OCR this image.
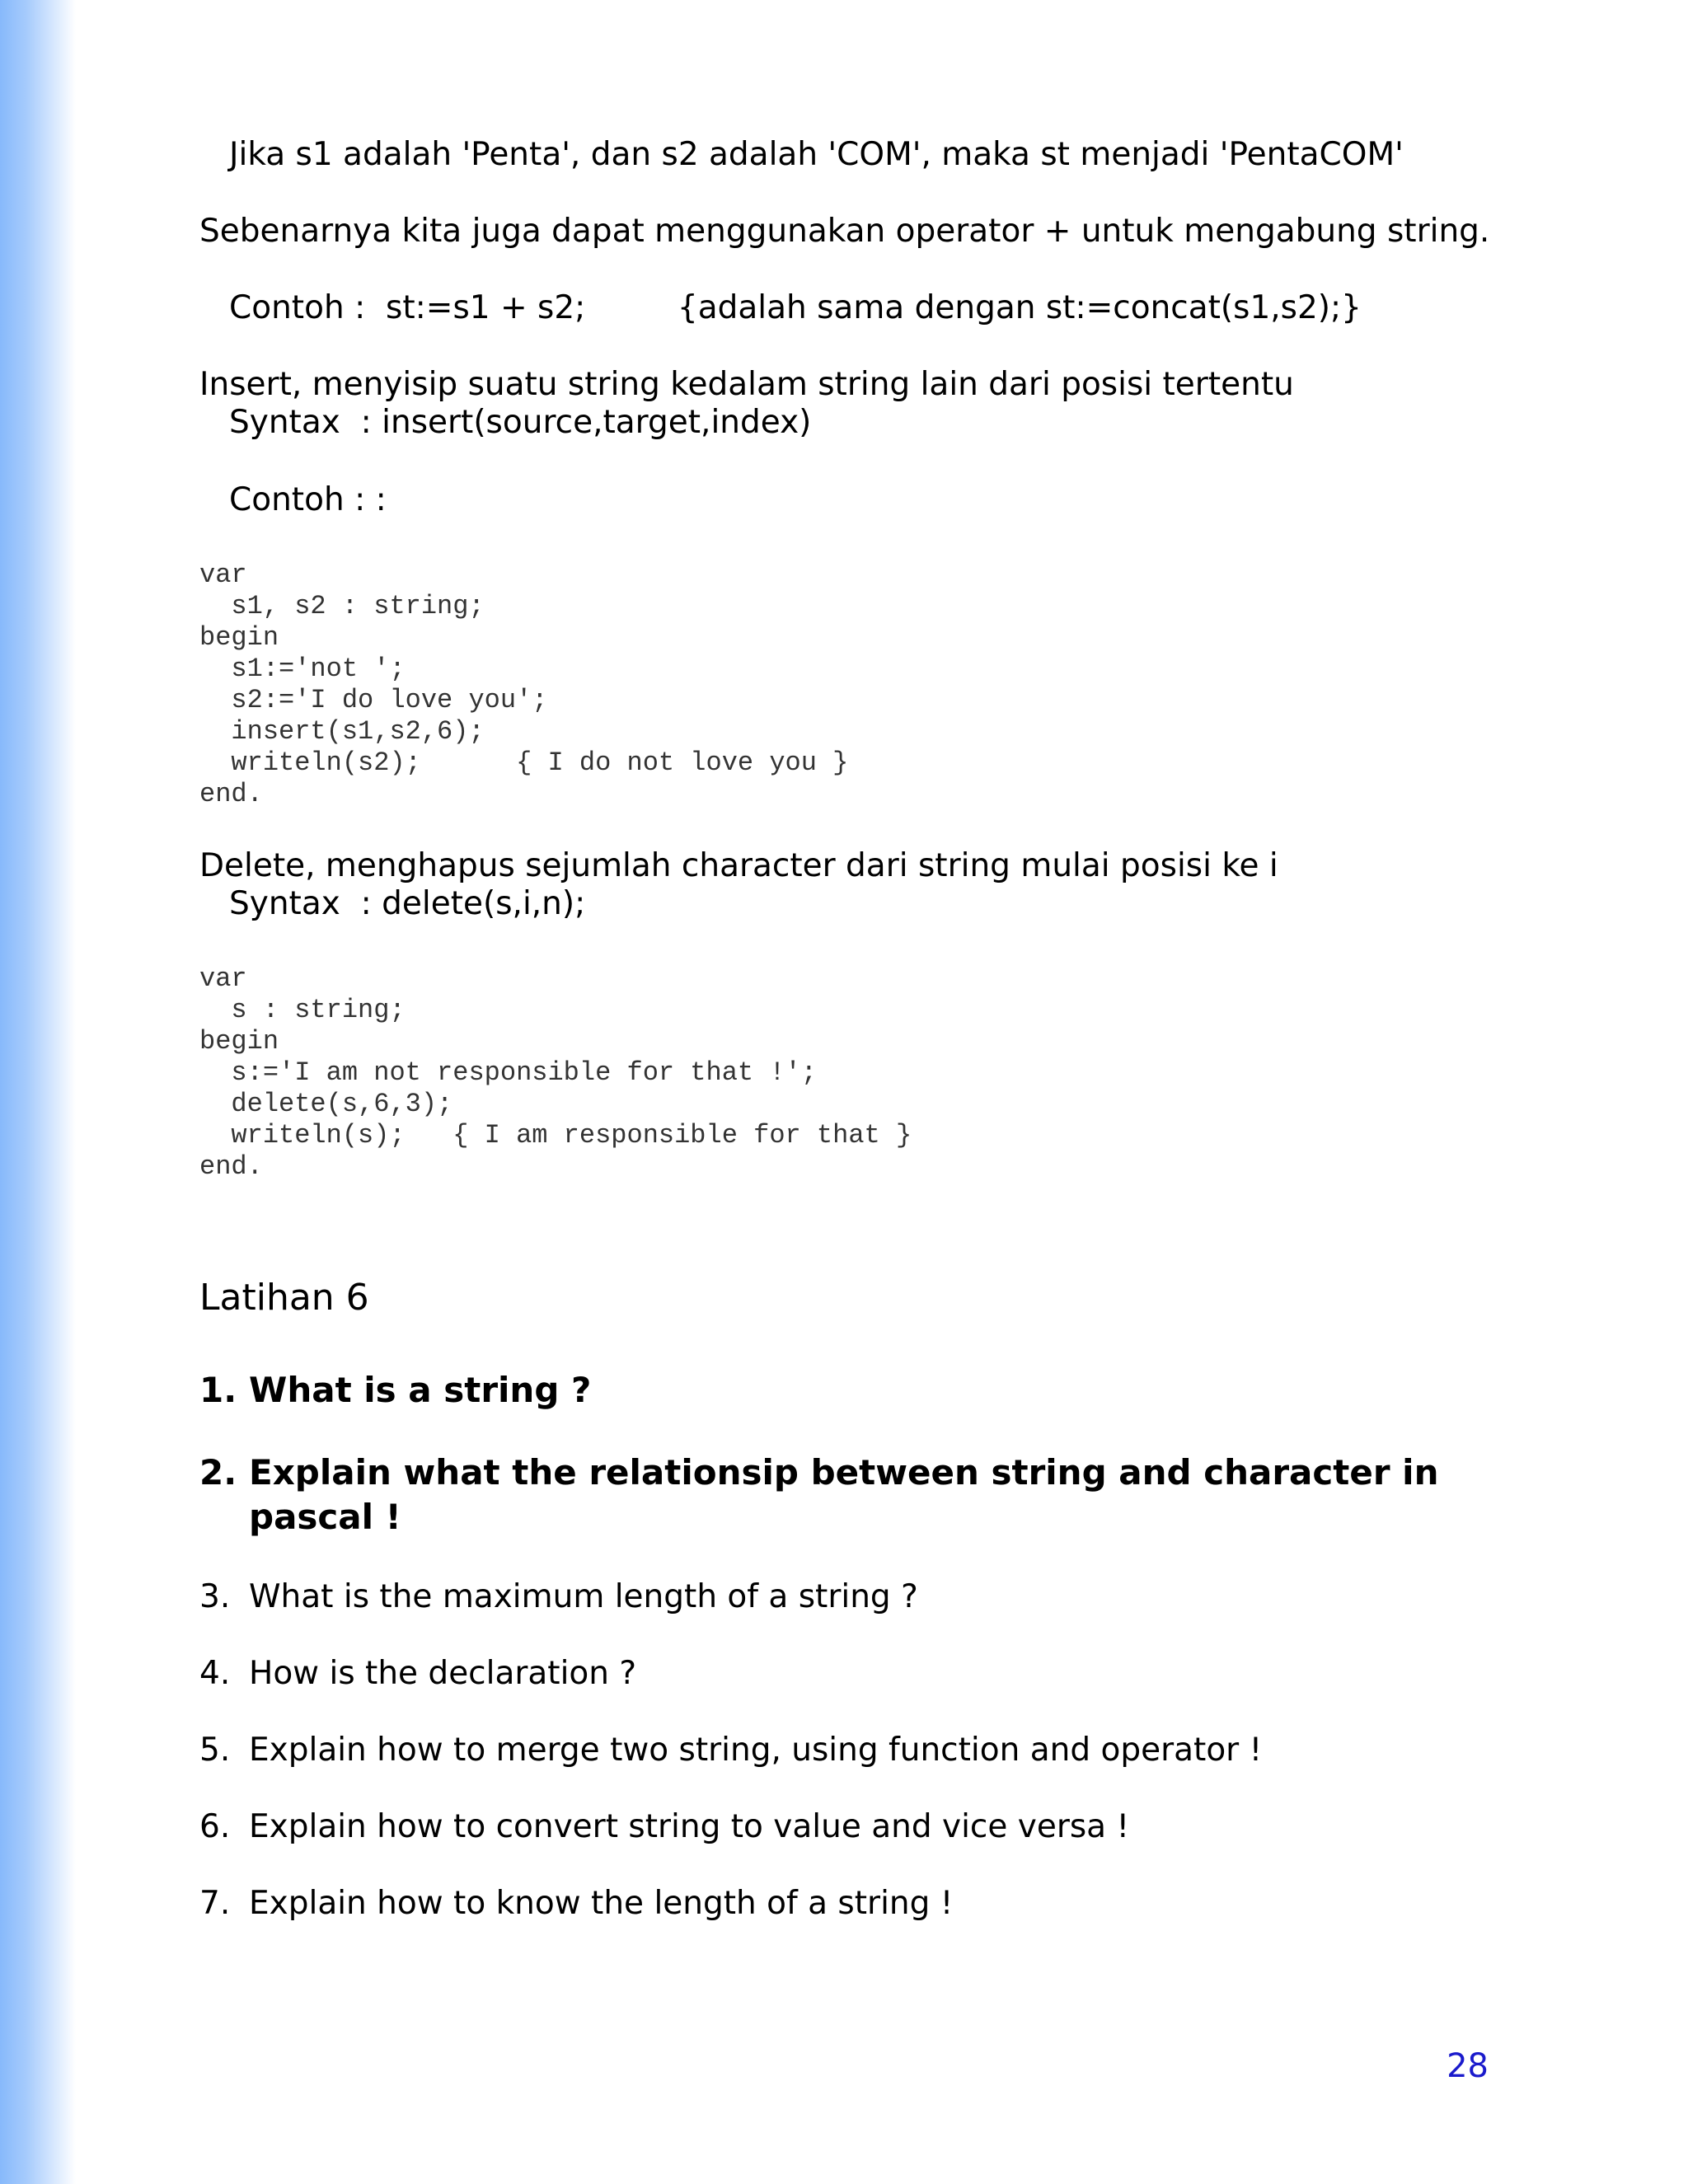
Jika s1 adalah 'Penta', dan s2 adalah 'COM', maka st menjadi 'PentaCOM'
Sebenarnya kita juga dapat menggunakan operator + untuk mengabung string.
Contoh :  st:=s1 + s2;         {adalah sama dengan st:=concat(s1,s2);}
Insert, menyisip suatu string kedalam string lain dari posisi tertentu
Syntax  : insert(source,target,index)
Contoh : :
var
s1, s2 : string;
begin
s1:='not ';
s2:='I do love you';
insert(s1,s2,6);
writeln(s2);      { I do not love you }
end.
Delete, menghapus sejumlah character dari string mulai posisi ke i
Syntax  : delete(s,i,n);
var
s : string;
begin
s:='I am not responsible for that !';
delete(s,6,3);
writeln(s);   { I am responsible for that }
end.
Latihan 6
1. What is a string ?
2. Explain what the relationsip between string and character in pascal !
3. What is the maximum length of a string ?
4. How is the declaration ?
5. Explain how to merge two string, using function and operator !
6. Explain how to convert string to value and vice versa !
7. Explain how to know the length of a string !
28
